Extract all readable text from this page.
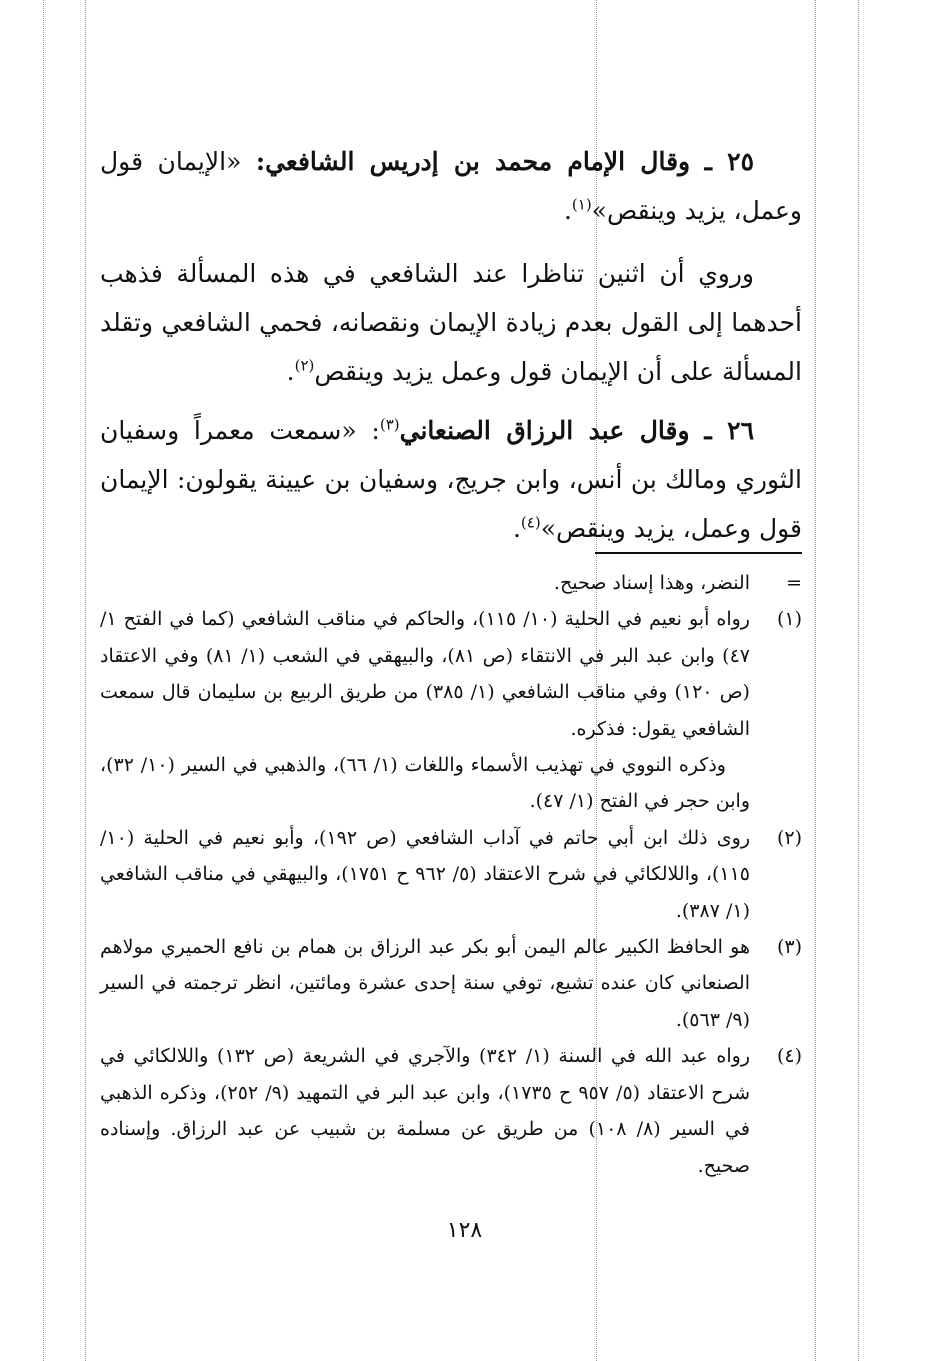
٢٥ ـ وقال الإمام محمد بن إدريس الشافعي: «الإيمان قول وعمل، يزيد وينقص»$^{(١)}$.

وروي أن اثنين تناظرا عند الشافعي في هذه المسألة فذهب أحدهما إلى القول بعدم زيادة الإيمان ونقصانه، فحمي الشافعي وتقلد المسألة على أن الإيمان قول وعمل يزيد وينقص$^{(٢)}$.

٢٦ ـ وقال عبد الرزاق الصنعاني$^{(٣)}$: «سمعت معمراً وسفيان الثوري ومالك بن أنس، وابن جريج، وسفيان بن عيينة يقولون: الإيمان قول وعمل، يزيد وينقص»$^{(٤)}$.

=
النضر، وهذا إسناد صحيح.
(١)
رواه أبو نعيم في الحلية (١٠/ ١١٥)، والحاكم في مناقب الشافعي (كما في الفتح ١/ ٤٧) وابن عبد البر في الانتقاء (ص ٨١)، والبيهقي في الشعب (١/ ٨١) وفي الاعتقاد (ص ١٢٠) وفي مناقب الشافعي (١/ ٣٨٥) من طريق الربيع بن سليمان قال سمعت الشافعي يقول: فذكره.

وذكره النووي في تهذيب الأسماء واللغات (١/ ٦٦)، والذهبي في السير (١٠/ ٣٢)، وابن حجر في الفتح (١/ ٤٧).

(٢)
روى ذلك ابن أبي حاتم في آداب الشافعي (ص ١٩٢)، وأبو نعيم في الحلية (١٠/ ١١٥)، واللالكائي في شرح الاعتقاد (٥/ ٩٦٢ ح ١٧٥١)، والبيهقي في مناقب الشافعي (١/ ٣٨٧).
(٣)
هو الحافظ الكبير عالم اليمن أبو بكر عبد الرزاق بن همام بن نافع الحميري مولاهم الصنعاني كان عنده تشيع، توفي سنة إحدى عشرة ومائتين، انظر ترجمته في السير (٩/ ٥٦٣).
(٤)
رواه عبد الله في السنة (١/ ٣٤٢) والآجري في الشريعة (ص ١٣٢) واللالكائي في شرح الاعتقاد (٥/ ٩٥٧ ح ١٧٣٥)، وابن عبد البر في التمهيد (٩/ ٢٥٢)، وذكره الذهبي في السير (٨/ ١٠٨) من طريق عن مسلمة بن شبيب عن عبد الرزاق. وإسناده صحيح.
١٢٨
